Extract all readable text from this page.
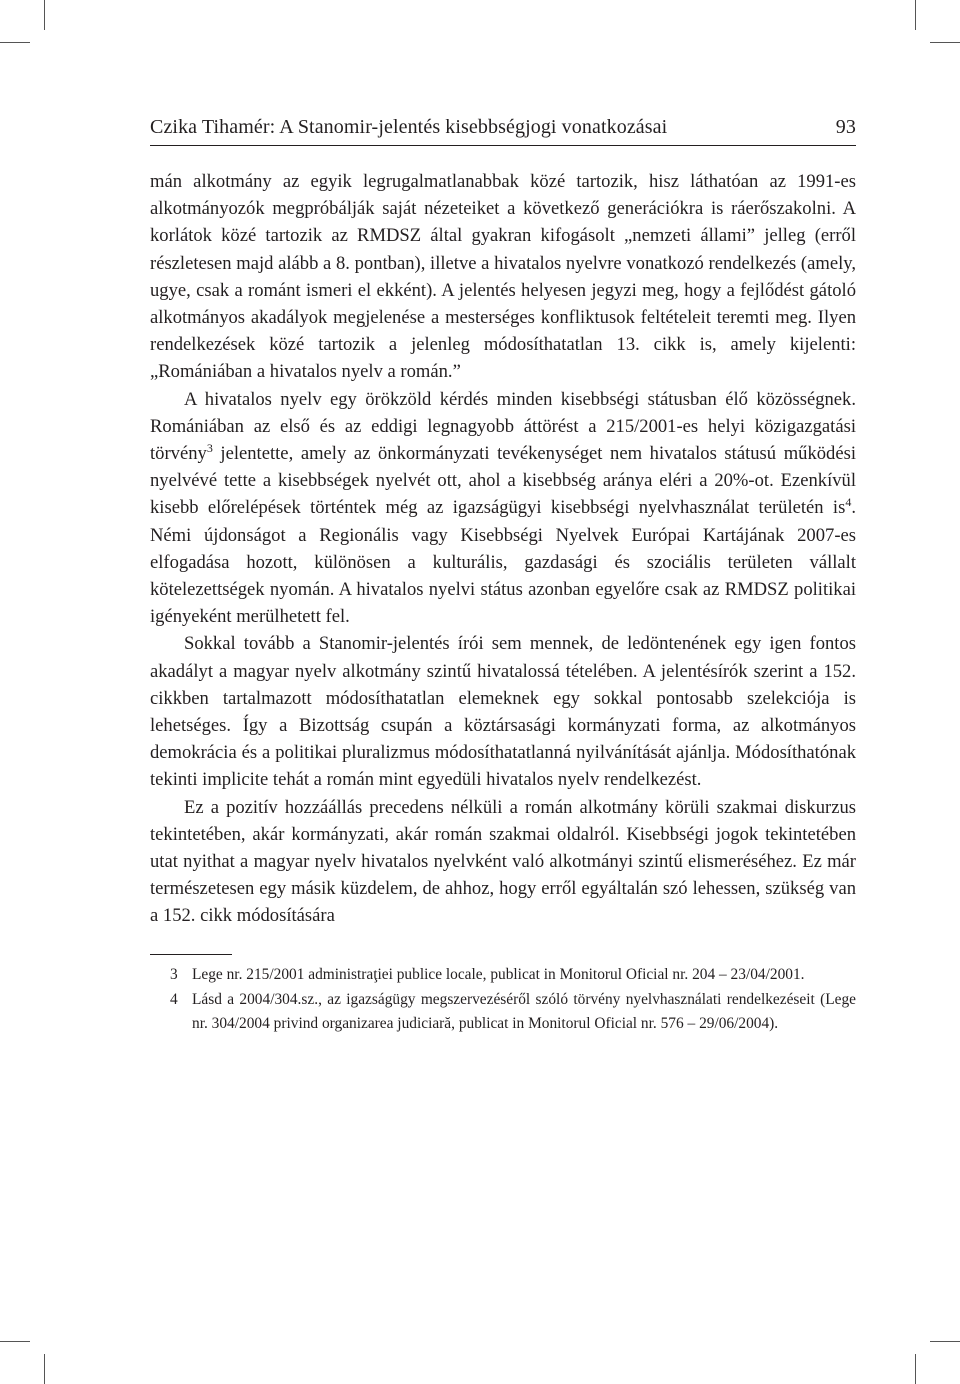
Czika Tihamér: A Stanomir-jelentés kisebbségjogi vonatkozásai	93

mán alkotmány az egyik legrugalmatlanabbak közé tartozik, hisz láthatóan az 1991-es alkotmányozók megpróbálják saját nézeteiket a következő generációkra is ráerőszakolni. A korlátok közé tartozik az RMDSZ által gyakran kifogásolt „nemzeti állami” jelleg (erről részletesen majd alább a 8. pontban), illetve a hivatalos nyelvre vonatkozó rendelkezés (amely, ugye, csak a románt ismeri el ekként). A jelentés helyesen jegyzi meg, hogy a fejlődést gátoló alkotmányos akadályok megjelenése a mesterséges konfliktusok feltételeit teremti meg. Ilyen rendelkezések közé tartozik a jelenleg módosíthatatlan 13. cikk is, amely kijelenti: „Romániában a hivatalos nyelv a román.”

A hivatalos nyelv egy örökzöld kérdés minden kisebbségi státusban élő közösségnek. Romániában az első és az eddigi legnagyobb áttörést a 215/2001-es helyi közigazgatási törvény$^3$ jelentette, amely az önkormányzati tevékenységet nem hivatalos státusú működési nyelvévé tette a kisebbségek nyelvét ott, ahol a kisebbség aránya eléri a 20%-ot. Ezenkívül kisebb előrelépések történtek még az igazságügyi kisebbségi nyelvhasználat területén $is^4$. Némi újdonságot a Regionális vagy Kisebbségi Nyelvek Európai Kartájának 2007-es elfogadása hozott, különösen a kulturális, gazdasági és szociális területen vállalt kötelezettségek nyomán. A hivatalos nyelvi státus azonban egyelőre csak az RMDSZ politikai igényeként merülhetett fel.

Sokkal tovább a Stanomir-jelentés írói sem mennek, de ledöntenének egy igen fontos akadályt a magyar nyelv alkotmány szintű hivatalossá tételében. A jelentésírók szerint a 152. cikkben tartalmazott módosíthatatlan elemeknek egy sokkal pontosabb szelekciója is lehetséges. Így a Bizottság csupán a köztársasági kormányzati forma, az alkotmányos demokrácia és a politikai pluralizmus módosíthatatlanná nyilvánítását ajánlja. Módosíthatónak tekinti implicite tehát a román mint egyedüli hivatalos nyelv rendelkezést.

Ez a pozitív hozzáállás precedens nélküli a román alkotmány körüli szakmai diskurzus tekintetében, akár kormányzati, akár román szakmai oldalról. Kisebbségi jogok tekintetében utat nyithat a magyar nyelv hivatalos nyelvként való alkotmányi szintű elismeréséhez. Ez már természetesen egy másik küzdelem, de ahhoz, hogy erről egyáltalán szó lehessen, szükség van a 152. cikk módosítására

3 Lege nr. 215/2001 administraţiei publice locale, publicat in Monitorul Oficial nr. 204 – 23/04/2001.
4 Lásd a 2004/304.sz., az igazságügy megszervezéséről szóló törvény nyelvhasználati rendelkezéseit (Lege nr. 304/2004 privind organizarea judiciară, publicat in Monitorul Oficial nr. 576 – 29/06/2004).
